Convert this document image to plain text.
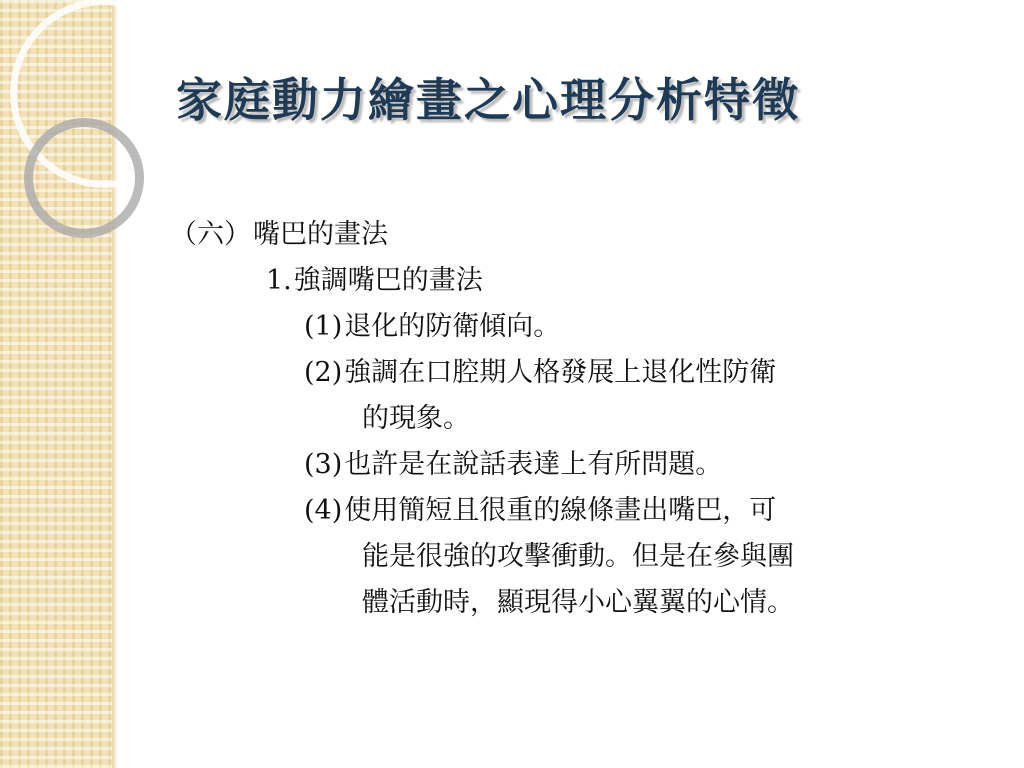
家庭動力繪畫之心理分析特徵

（六）嘴巴的畫法

1.強調嘴巴的畫法

(1)退化的防衛傾向。

(2)強調在口腔期人格發展上退化性防衛

的現象。

(3)也許是在說話表達上有所問題。

(4)使用簡短且很重的線條畫出嘴巴，可

能是很強的攻擊衝動。但是在參與團

體活動時，顯現得小心翼翼的心情。
